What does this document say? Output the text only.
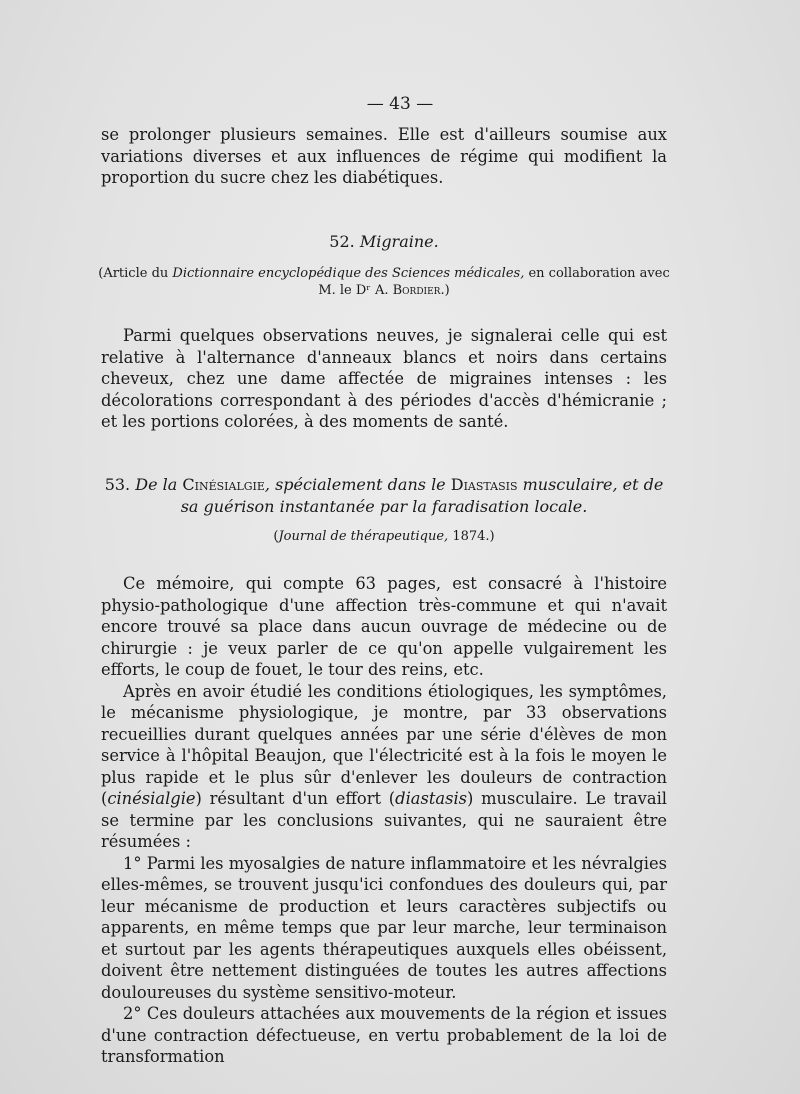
— 43 —

se prolonger plusieurs semaines. Elle est d'ailleurs soumise aux variations diverses et aux influences de régime qui modifient la proportion du sucre chez les diabétiques.

52. Migraine.

(Article du Dictionnaire encyclopédique des Sciences médicales, en collaboration avec M. le Dʳ A. Bordier.)

Parmi quelques observations neuves, je signalerai celle qui est relative à l'alternance d'anneaux blancs et noirs dans certains cheveux, chez une dame affectée de migraines intenses : les décolorations correspondant à des périodes d'accès d'hémicranie ; et les portions colorées, à des moments de santé.

53. De la Cinésialgie, spécialement dans le Diastasis musculaire, et de sa guérison instantanée par la faradisation locale.

(Journal de thérapeutique, 1874.)

Ce mémoire, qui compte 63 pages, est consacré à l'histoire physio-pathologique d'une affection très-commune et qui n'avait encore trouvé sa place dans aucun ouvrage de médecine ou de chirurgie : je veux parler de ce qu'on appelle vulgairement les efforts, le coup de fouet, le tour des reins, etc.

Après en avoir étudié les conditions étiologiques, les symptômes, le mécanisme physiologique, je montre, par 33 observations recueillies durant quelques années par une série d'élèves de mon service à l'hôpital Beaujon, que l'électricité est à la fois le moyen le plus rapide et le plus sûr d'enlever les douleurs de contraction (cinésialgie) résultant d'un effort (diastasis) musculaire. Le travail se termine par les conclusions suivantes, qui ne sauraient être résumées :

1° Parmi les myosalgies de nature inflammatoire et les névralgies elles-mêmes, se trouvent jusqu'ici confondues des douleurs qui, par leur mécanisme de production et leurs caractères subjectifs ou apparents, en même temps que par leur marche, leur terminaison et surtout par les agents thérapeutiques auxquels elles obéissent, doivent être nettement distinguées de toutes les autres affections douloureuses du système sensitivo-moteur.

2° Ces douleurs attachées aux mouvements de la région et issues d'une contraction défectueuse, en vertu probablement de la loi de transformation
